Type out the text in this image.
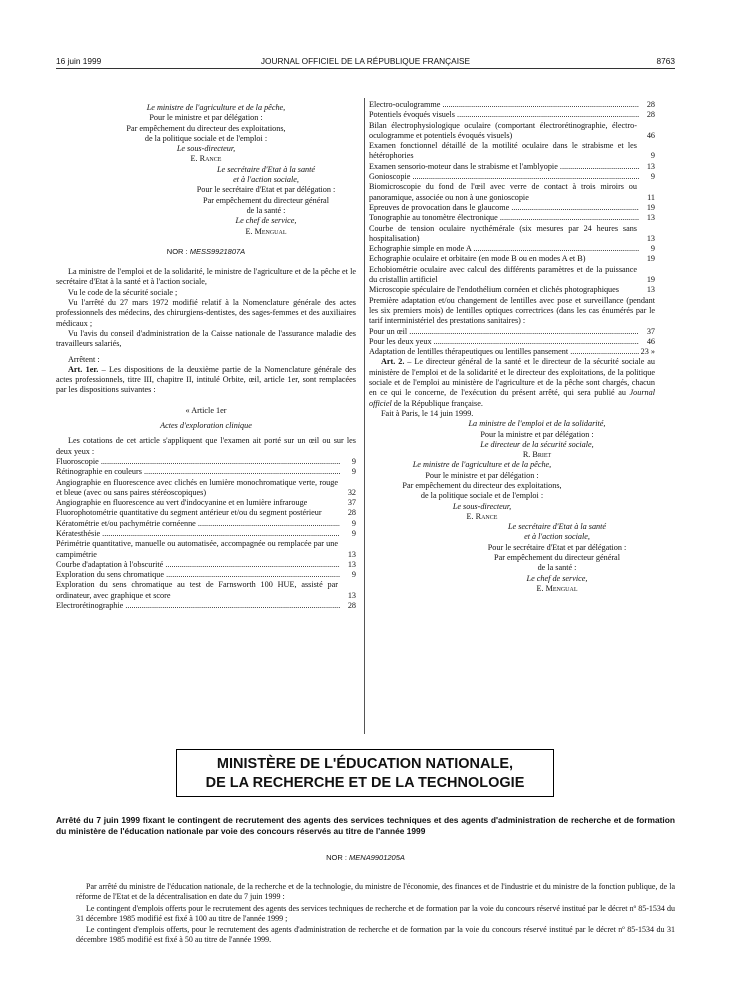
16 juin 1999	JOURNAL OFFICIEL DE LA RÉPUBLIQUE FRANÇAISE	8763
Le ministre de l'agriculture et de la pêche,
Pour le ministre et par délégation :
Par empêchement du directeur des exploitations,
de la politique sociale et de l'emploi :
Le sous-directeur,
E. Rance
Le secrétaire d'Etat à la santé
et à l'action sociale,
Pour le secrétaire d'Etat et par délégation :
Par empêchement du directeur général
de la santé :
Le chef de service,
E. Mengual
NOR : MESS9921807A
La ministre de l'emploi et de la solidarité, le ministre de l'agriculture et de la pêche et le secrétaire d'Etat à la santé et à l'action sociale,
Vu le code de la sécurité sociale ;
Vu l'arrêté du 27 mars 1972 modifié relatif à la Nomenclature générale des actes professionnels des médecins, des chirurgiens-dentistes, des sages-femmes et des auxiliaires médicaux ;
Vu l'avis du conseil d'administration de la Caisse nationale de l'assurance maladie des travailleurs salariés,
Arrêtent :
Art. 1er. – Les dispositions de la deuxième partie de la Nomenclature générale des actes professionnels, titre III, chapitre II, intitulé Orbite, œil, article 1er, sont remplacées par les dispositions suivantes :
« Article 1er
Actes d'exploration clinique
Les cotations de cet article s'appliquent que l'examen ait porté sur un œil ou sur les deux yeux :
Fluoroscopie .....	9
Rétinographie en couleurs .....	9
Angiographie en fluorescence avec clichés en lumière monochromatique verte, rouge et bleue (avec ou sans paires stéréoscopiques)	32
Angiographie en fluorescence au vert d'indocyanine et en lumière infrarouge	37
Fluorophotométrie quantitative du segment antérieur et/ou du segment postérieur	28
Kératométrie et/ou pachymétrie cornéenne .....	9
Kératesthésie .....	9
Périmétrie quantitative, manuelle ou automatisée, accompagnée ou remplacée par une campimétrie	13
Courbe d'adaptation à l'obscurité .....	13
Exploration du sens chromatique .....	9
Exploration du sens chromatique au test de Farnsworth 100 HUE, assisté par ordinateur, avec graphique et score	13
Electrorétinographie .....	28
Electro-oculogramme .....	28
Potentiels évoqués visuels .....	28
Bilan électrophysiologique oculaire (comportant électrorétinographie, électro-oculogramme et potentiels évoqués visuels)	46
Examen fonctionnel détaillé de la motilité oculaire dans le strabisme et les hétérophories	9
Examen sensorio-moteur dans le strabisme et l'amblyopie .....	13
Gonioscopie .....	9
Biomicroscopie du fond de l'œil avec verre de contact à trois miroirs ou panoramique, associée ou non à une gonioscopie	11
Epreuves de provocation dans le glaucome .....	19
Tonographie au tonomètre électronique .....	13
Courbe de tension oculaire nycthémérale (six mesures par 24 heures sans hospitalisation)	13
Echographie simple en mode A .....	9
Echographie oculaire et orbitaire (en mode B ou en modes A et B)	19
Echobiométrie oculaire avec calcul des différents paramètres et de la puissance du cristallin artificiel	19
Microscopie spéculaire de l'endothélium cornéen et clichés photographiques	13
Première adaptation et/ou changement de lentilles avec pose et surveillance (pendant les six premiers mois) de lentilles optiques correctrices (dans les cas énumérés par le tarif interministériel des prestations sanitaires) :
Pour un œil .....	37
Pour les deux yeux .....	46
Adaptation de lentilles thérapeutiques ou lentilles pansement .....	23 »
Art. 2. – Le directeur général de la santé et le directeur de la sécurité sociale au ministère de l'emploi et de la solidarité et le directeur des exploitations, de la politique sociale et de l'emploi au ministère de l'agriculture et de la pêche sont chargés, chacun en ce qui le concerne, de l'exécution du présent arrêté, qui sera publié au Journal officiel de la République française.
Fait à Paris, le 14 juin 1999.
La ministre de l'emploi et de la solidarité,
Pour la ministre et par délégation :
Le directeur de la sécurité sociale,
R. Briet
Le ministre de l'agriculture et de la pêche,
Pour le ministre et par délégation :
Par empêchement du directeur des exploitations,
de la politique sociale et de l'emploi :
Le sous-directeur,
E. Rance
Le secrétaire d'Etat à la santé
et à l'action sociale,
Pour le secrétaire d'Etat et par délégation :
Par empêchement du directeur général
de la santé :
Le chef de service,
E. Mengual
MINISTÈRE DE L'ÉDUCATION NATIONALE,
DE LA RECHERCHE ET DE LA TECHNOLOGIE
Arrêté du 7 juin 1999 fixant le contingent de recrutement des agents des services techniques et des agents d'administration de recherche et de formation du ministère de l'éducation nationale par voie des concours réservés au titre de l'année 1999
NOR : MENA9901205A

Par arrêté du ministre de l'éducation nationale, de la recherche et de la technologie, du ministre de l'économie, des finances et de l'industrie et du ministre de la fonction publique, de la réforme de l'Etat et de la décentralisation en date du 7 juin 1999 :

Le contingent d'emplois offerts pour le recrutement des agents des services techniques de recherche et de formation par la voie du concours réservé institué par le décret nº 85-1534 du 31 décembre 1985 modifié est fixé à 100 au titre de l'année 1999 ;

Le contingent d'emplois offerts, pour le recrutement des agents d'administration de recherche et de formation par la voie du concours réservé institué par le décret nº 85-1534 du 31 décembre 1985 modifié est fixé à 50 au titre de l'année 1999.
